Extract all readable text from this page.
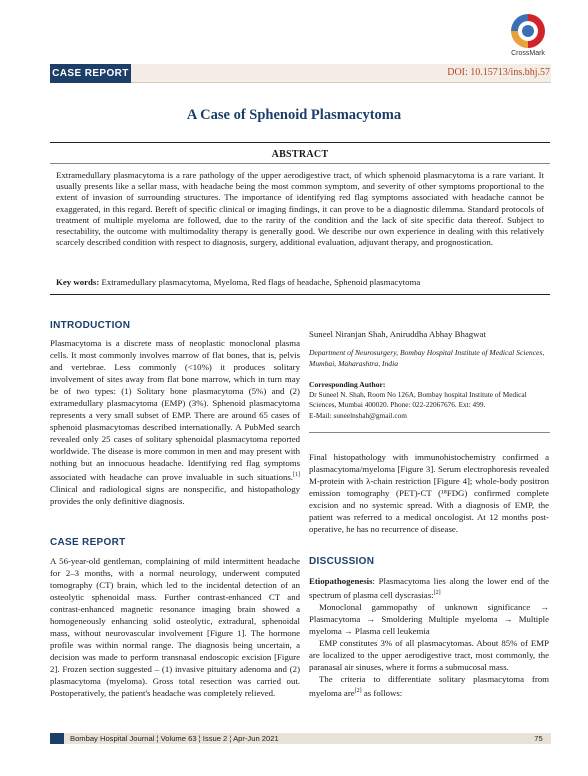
CrossMark
CASE REPORT	DOI: 10.15713/ins.bhj.57
A Case of Sphenoid Plasmacytoma
ABSTRACT
Extramedullary plasmacytoma is a rare pathology of the upper aerodigestive tract, of which sphenoid plasmacytoma is a rare variant. It usually presents like a sellar mass, with headache being the most common symptom, and severity of other symptoms proportional to the extent of invasion of surrounding structures. The importance of identifying red flag symptoms associated with headache cannot be exaggerated, in this regard. Bereft of specific clinical or imaging findings, it can prove to be a diagnostic dilemma. Standard protocols of treatment of multiple myeloma are followed, due to the rarity of the condition and the lack of site specific data thereof. Subject to resectability, the outcome with multimodality therapy is generally good. We describe our own experience in dealing with this relatively scarcely described condition with respect to diagnosis, surgery, additional evaluation, adjuvant therapy, and prognostication.
Key words: Extramedullary plasmacytoma, Myeloma, Red flags of headache, Sphenoid plasmacytoma
INTRODUCTION

Plasmacytoma is a discrete mass of neoplastic monoclonal plasma cells. It most commonly involves marrow of flat bones, that is, pelvis and vertebrae. Less commonly (<10%) it produces solitary involvement of sites away from flat bone marrow, which in turn may be of two types: (1) Solitary bone plasmacytoma (5%) and (2) extramedullary plasmacytoma (EMP) (3%). Sphenoid plasmacytoma represents a very small subset of EMP. There are around 65 cases of sphenoid plasmacytomas described internationally. A PubMed search revealed only 25 cases of solitary sphenoidal plasmacytoma reported worldwide. The disease is more common in men and may present with nothing but an innocuous headache. Identifying red flag symptoms associated with headache can prove invaluable in such situations.[1] Clinical and radiological signs are nonspecific, and histopathology provides the only definitive diagnosis.

CASE REPORT

A 56-year-old gentleman, complaining of mild intermittent headache for 2–3 months, with a normal neurology, underwent computed tomography (CT) brain, which led to the incidental detection of an osteolytic sphenoidal mass. Further contrast-enhanced CT and contrast-enhanced magnetic resonance imaging brain showed a homogeneously enhancing solid osteolytic, extradural, sphenoidal mass, without neurovascular involvement [Figure 1]. The hormone profile was within normal range. The diagnosis being uncertain, a decision was made to perform transnasal endoscopic excision [Figure 2]. Frozen section suggested – (1) invasive pituitary adenoma and (2) plasmacytoma (myeloma). Gross total resection was carried out. Postoperatively, the patient's headache was completely relieved.

Suneel Niranjan Shah, Aniruddha Abhay Bhagwat
Department of Neurosurgery, Bombay Hospital Institute of Medical Sciences, Mumbai, Maharashtra, India
Corresponding Author:
Dr Suneel N. Shah, Room No 126A, Bombay hospital Institute of Medical Sciences, Mumbai 400020. Phone: 022-22067676. Ext: 499.
E-Mail: suneelnshah@gmail.com

Final histopathology with immunohistochemistry confirmed a plasmacytoma/myeloma [Figure 3]. Serum electrophoresis revealed M-protein with λ-chain restriction [Figure 4]; whole-body positron emission tomography (PET)-CT (¹⁸FDG) confirmed complete excision and no systemic spread. With a diagnosis of EMP, the patient was referred to a medical oncologist. At 12 months post-operative, he has no recurrence of disease.

DISCUSSION

Etiopathogenesis: Plasmacytoma lies along the lower end of the spectrum of plasma cell dyscrasias:[2]

Monoclonal gammopathy of unknown significance → Plasmacytoma → Smoldering Multiple myeloma → Multiple myeloma → Plasma cell leukemia

EMP constitutes 3% of all plasmacytomas. About 85% of EMP are localized to the upper aerodigestive tract, most commonly, the paranasal air sinuses, where it forms a submucosal mass.

The criteria to differentiate solitary plasmacytoma from myeloma are[2] as follows:

Bombay Hospital Journal ¦ Volume 63 ¦ Issue 2 ¦ Apr-Jun 2021	75
